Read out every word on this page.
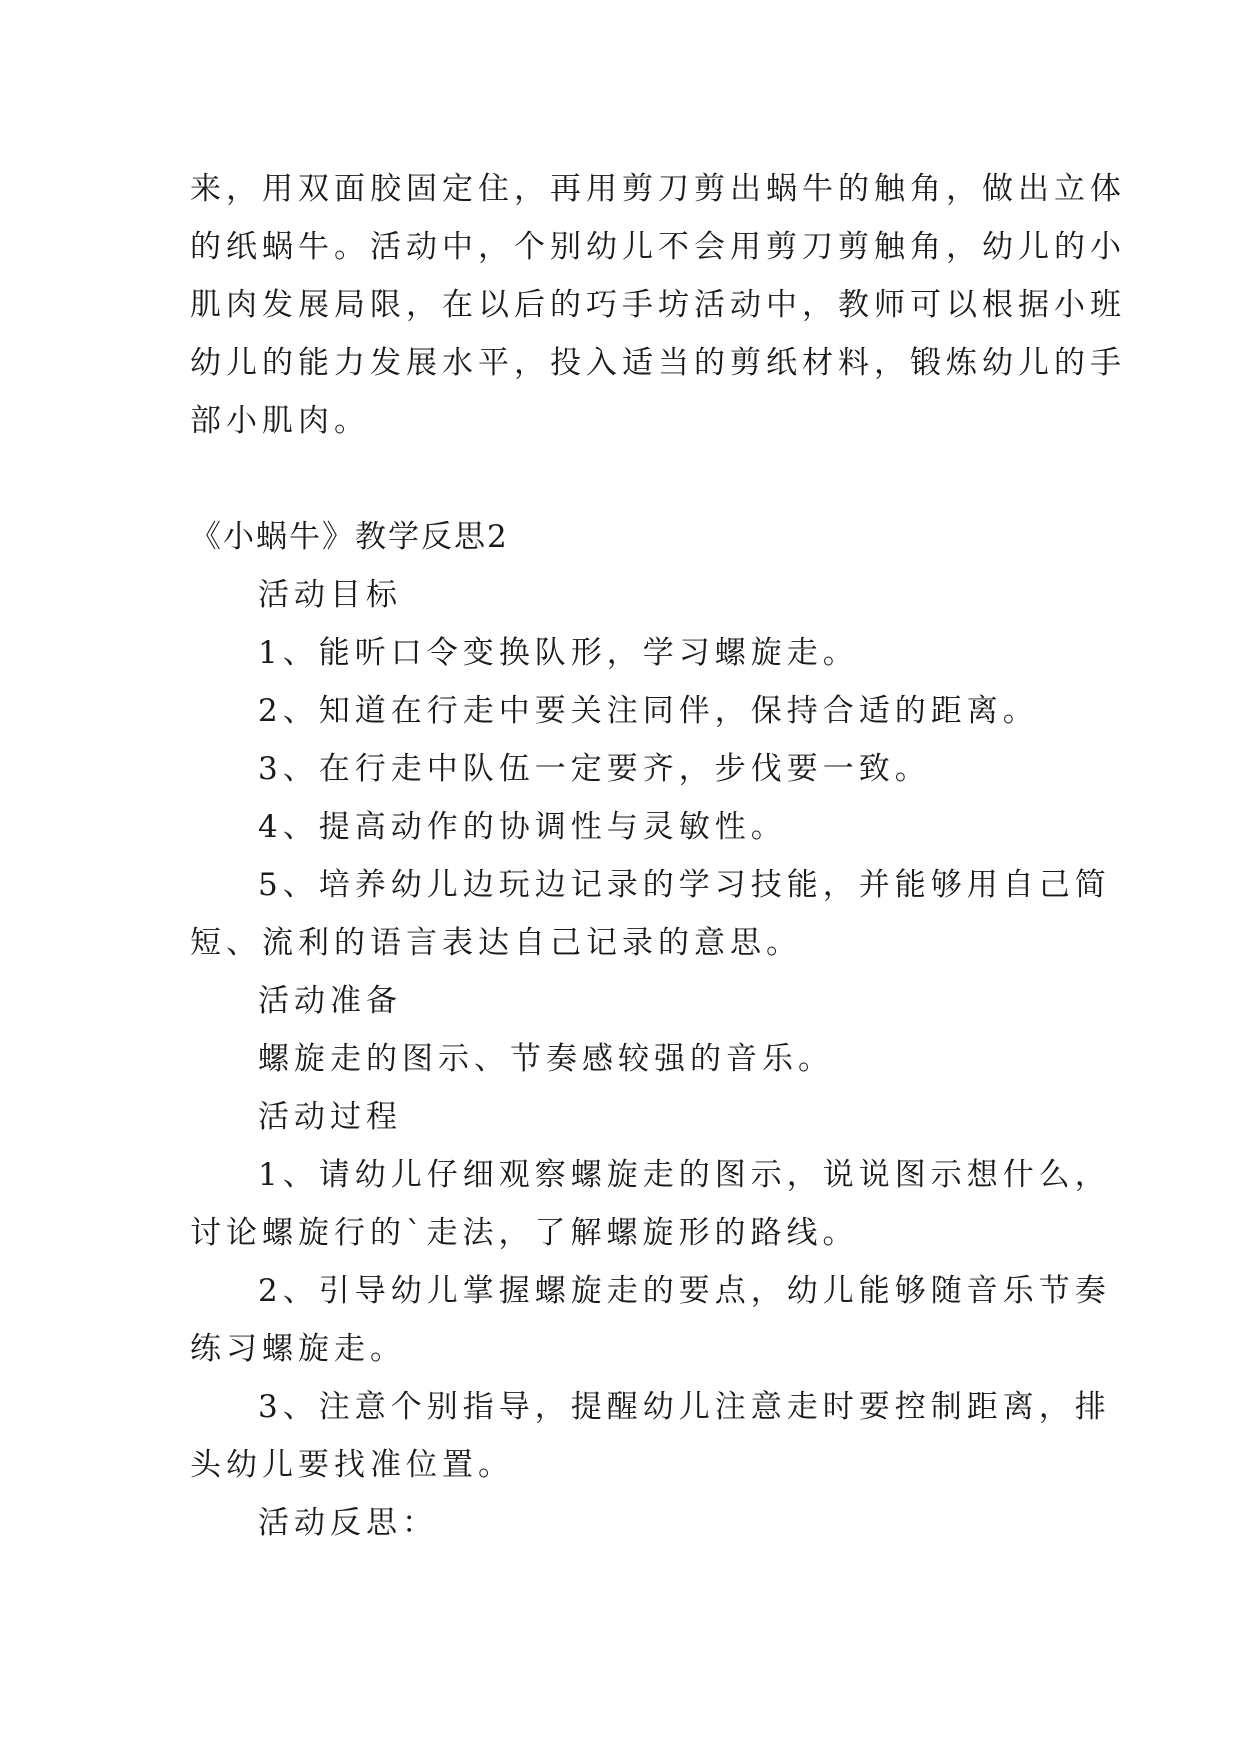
来，用双面胶固定住，再用剪刀剪出蜗牛的触角，做出立体
的纸蜗牛。活动中，个别幼儿不会用剪刀剪触角，幼儿的小
肌肉发展局限，在以后的巧手坊活动中，教师可以根据小班
幼儿的能力发展水平，投入适当的剪纸材料，锻炼幼儿的手
部小肌肉。
《小蜗牛》教学反思2
活动目标
1、能听口令变换队形，学习螺旋走。
2、知道在行走中要关注同伴，保持合适的距离。
3、在行走中队伍一定要齐，步伐要一致。
4、提高动作的协调性与灵敏性。
5、培养幼儿边玩边记录的学习技能，并能够用自己简
短、流利的语言表达自己记录的意思。
活动准备
螺旋走的图示、节奏感较强的音乐。
活动过程
1、请幼儿仔细观察螺旋走的图示，说说图示想什么，
讨论螺旋行的`走法，了解螺旋形的路线。
2、引导幼儿掌握螺旋走的要点，幼儿能够随音乐节奏
练习螺旋走。
3、注意个别指导，提醒幼儿注意走时要控制距离，排
头幼儿要找准位置。
活动反思：
